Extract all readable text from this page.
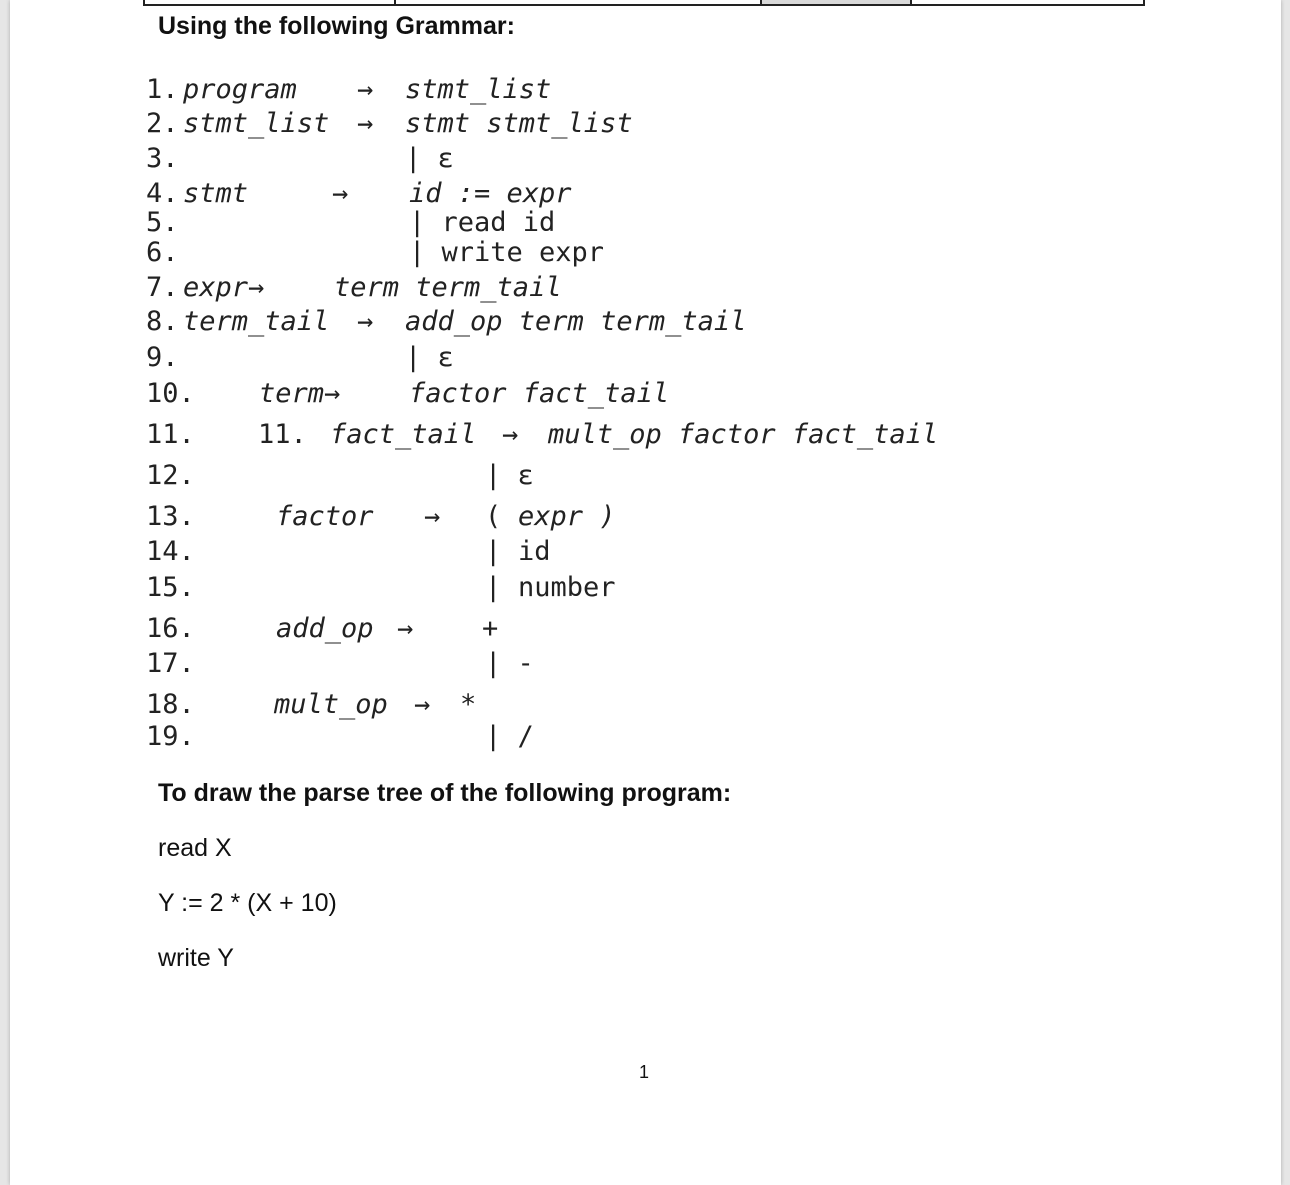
Using the following Grammar:
1. program → stmt_list
2. stmt_list → stmt stmt_list
3.	| ε
4. stmt	→ id := expr
5.	| read id
6.	| write expr
7. expr→	term term_tail
8. term_tail → add_op term term_tail
9.	| ε
10. term→	factor fact_tail
11. 11. fact_tail → mult_op factor fact_tail
12.	| ε
13.	factor → ( expr )
14.	| id
15.	| number
16.	add_op →	+
17.	| -
18.	mult_op → *
19.	| /
To draw the parse tree of the following program:
read X
Y := 2 * (X + 10)
write Y
1
